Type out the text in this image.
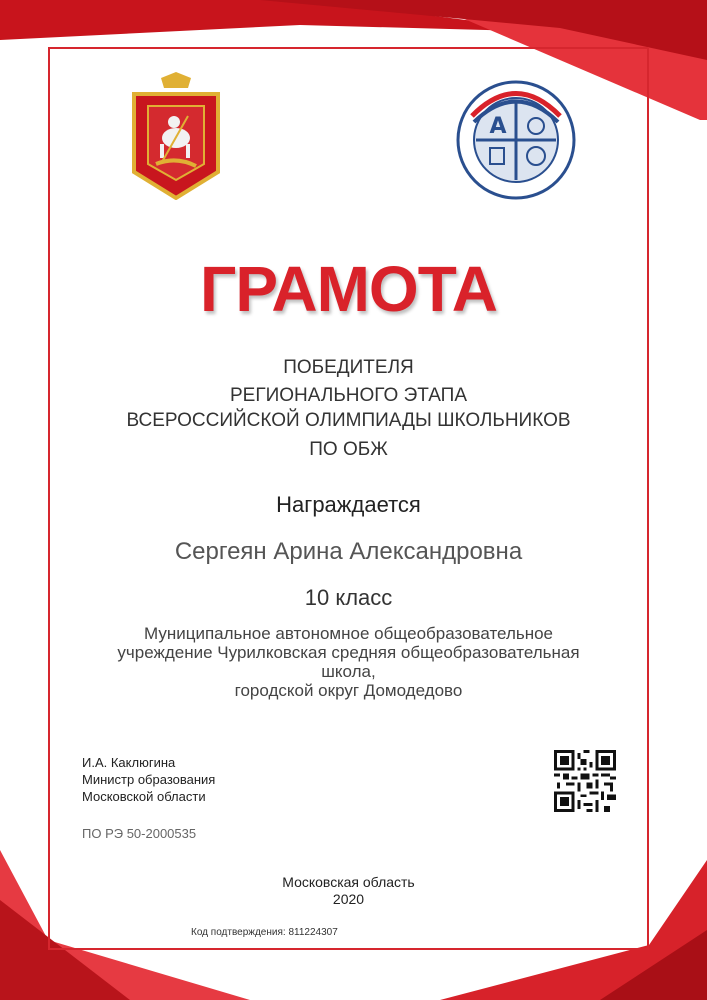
A
ГРАМОТА
ПОБЕДИТЕЛЯ
РЕГИОНАЛЬНОГО ЭТАПА
ВСЕРОССИЙСКОЙ ОЛИМПИАДЫ ШКОЛЬНИКОВ
ПО ОБЖ
Награждается
Сергеян Арина Александровна
10 класс
Муниципальное автономное общеобразовательное
учреждение Чурилковская средняя общеобразовательная
школа,
городской округ Домодедово
И.А. Каклюгина
Министр образования
Московской области
ПО РЭ 50-2000535
Московская область
2020
Код подтверждения: 811224307
